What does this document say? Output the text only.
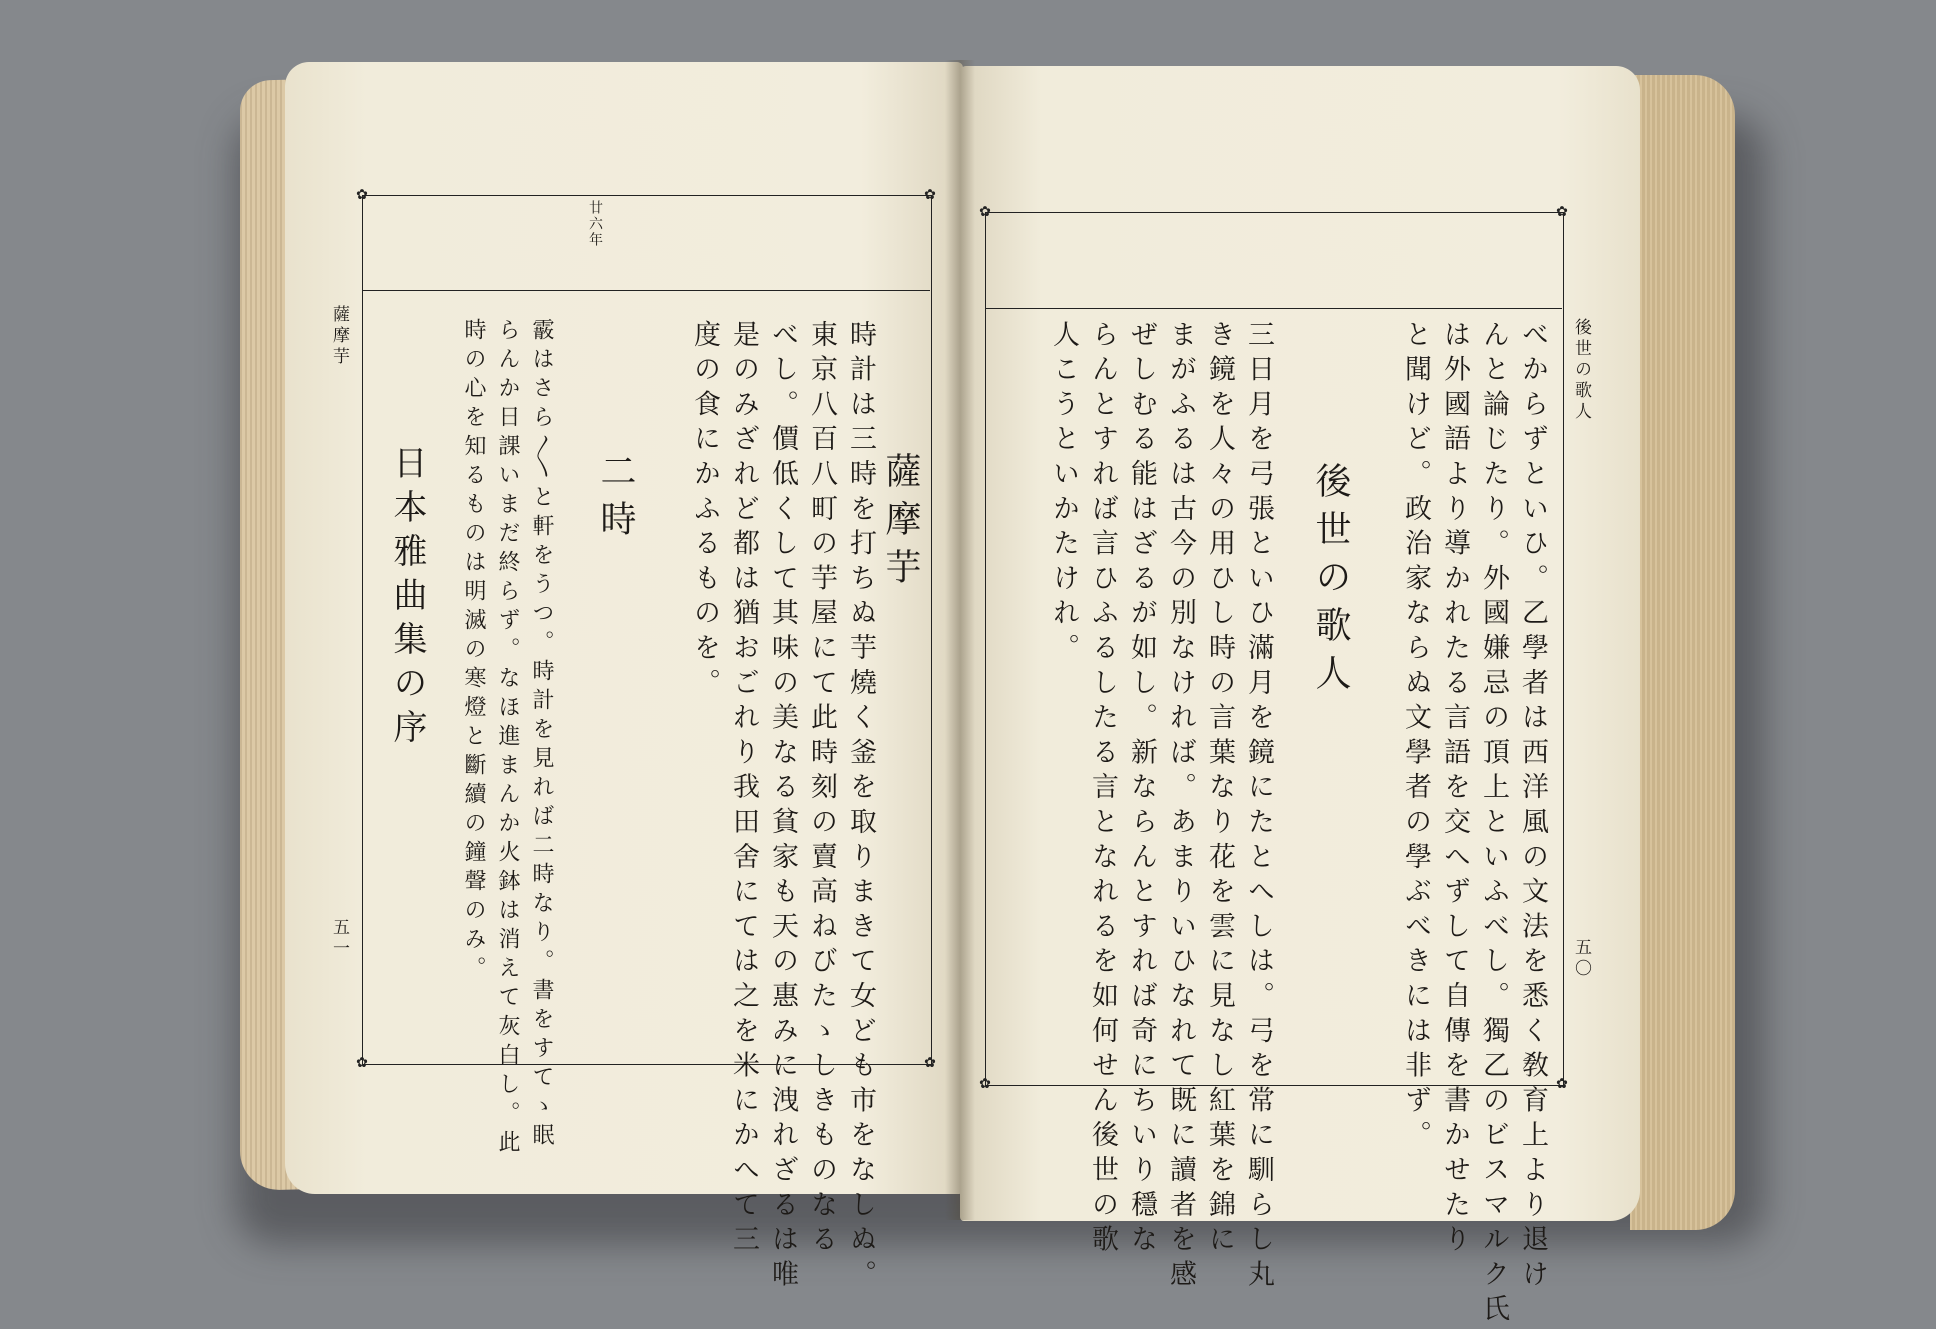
✿	✿
✿	✿
✿	✿
✿	✿
薩摩芋
五一
廿六年
薩摩芋
時計は三時を打ちぬ芋燒く釜を取りまきて女ども市をなしぬ。
東京八百八町の芋屋にて此時刻の賣高ねびたゝしきものなる
べし。價低くして其味の美なる貧家も天の惠みに洩れざるは唯
是のみざれど都は猶おごれり我田舍にては之を米にかへて三
度の食にかふるものを。
二時
霰はさら〳〵と軒をうつ。時計を見れば二時なり。書をすてゝ眠
らんか日課いまだ終らず。なほ進まんか火鉢は消えて灰白し。此
時の心を知るものは明滅の寒燈と斷續の鐘聲のみ。
日本雅曲集の序
後世の歌人
五〇
べからずといひ。乙學者は西洋風の文法を悉く敎育上より退け
んと論じたり。外國嫌忌の頂上といふべし。獨乙のビスマルク氏
は外國語より導かれたる言語を交へずして自傳を書かせたり
と聞けど。政治家ならぬ文學者の學ぶべきには非ず。
後世の歌人
三日月を弓張といひ滿月を鏡にたとへしは。弓を常に馴らし丸
き鏡を人々の用ひし時の言葉なり花を雲に見なし紅葉を錦に
まがふるは古今の別なければ。あまりいひなれて既に讀者を感
ぜしむる能はざるが如し。新ならんとすれば奇にちいり穩な
らんとすれば言ひふるしたる言となれるを如何せん後世の歌
人こうといかたけれ。
